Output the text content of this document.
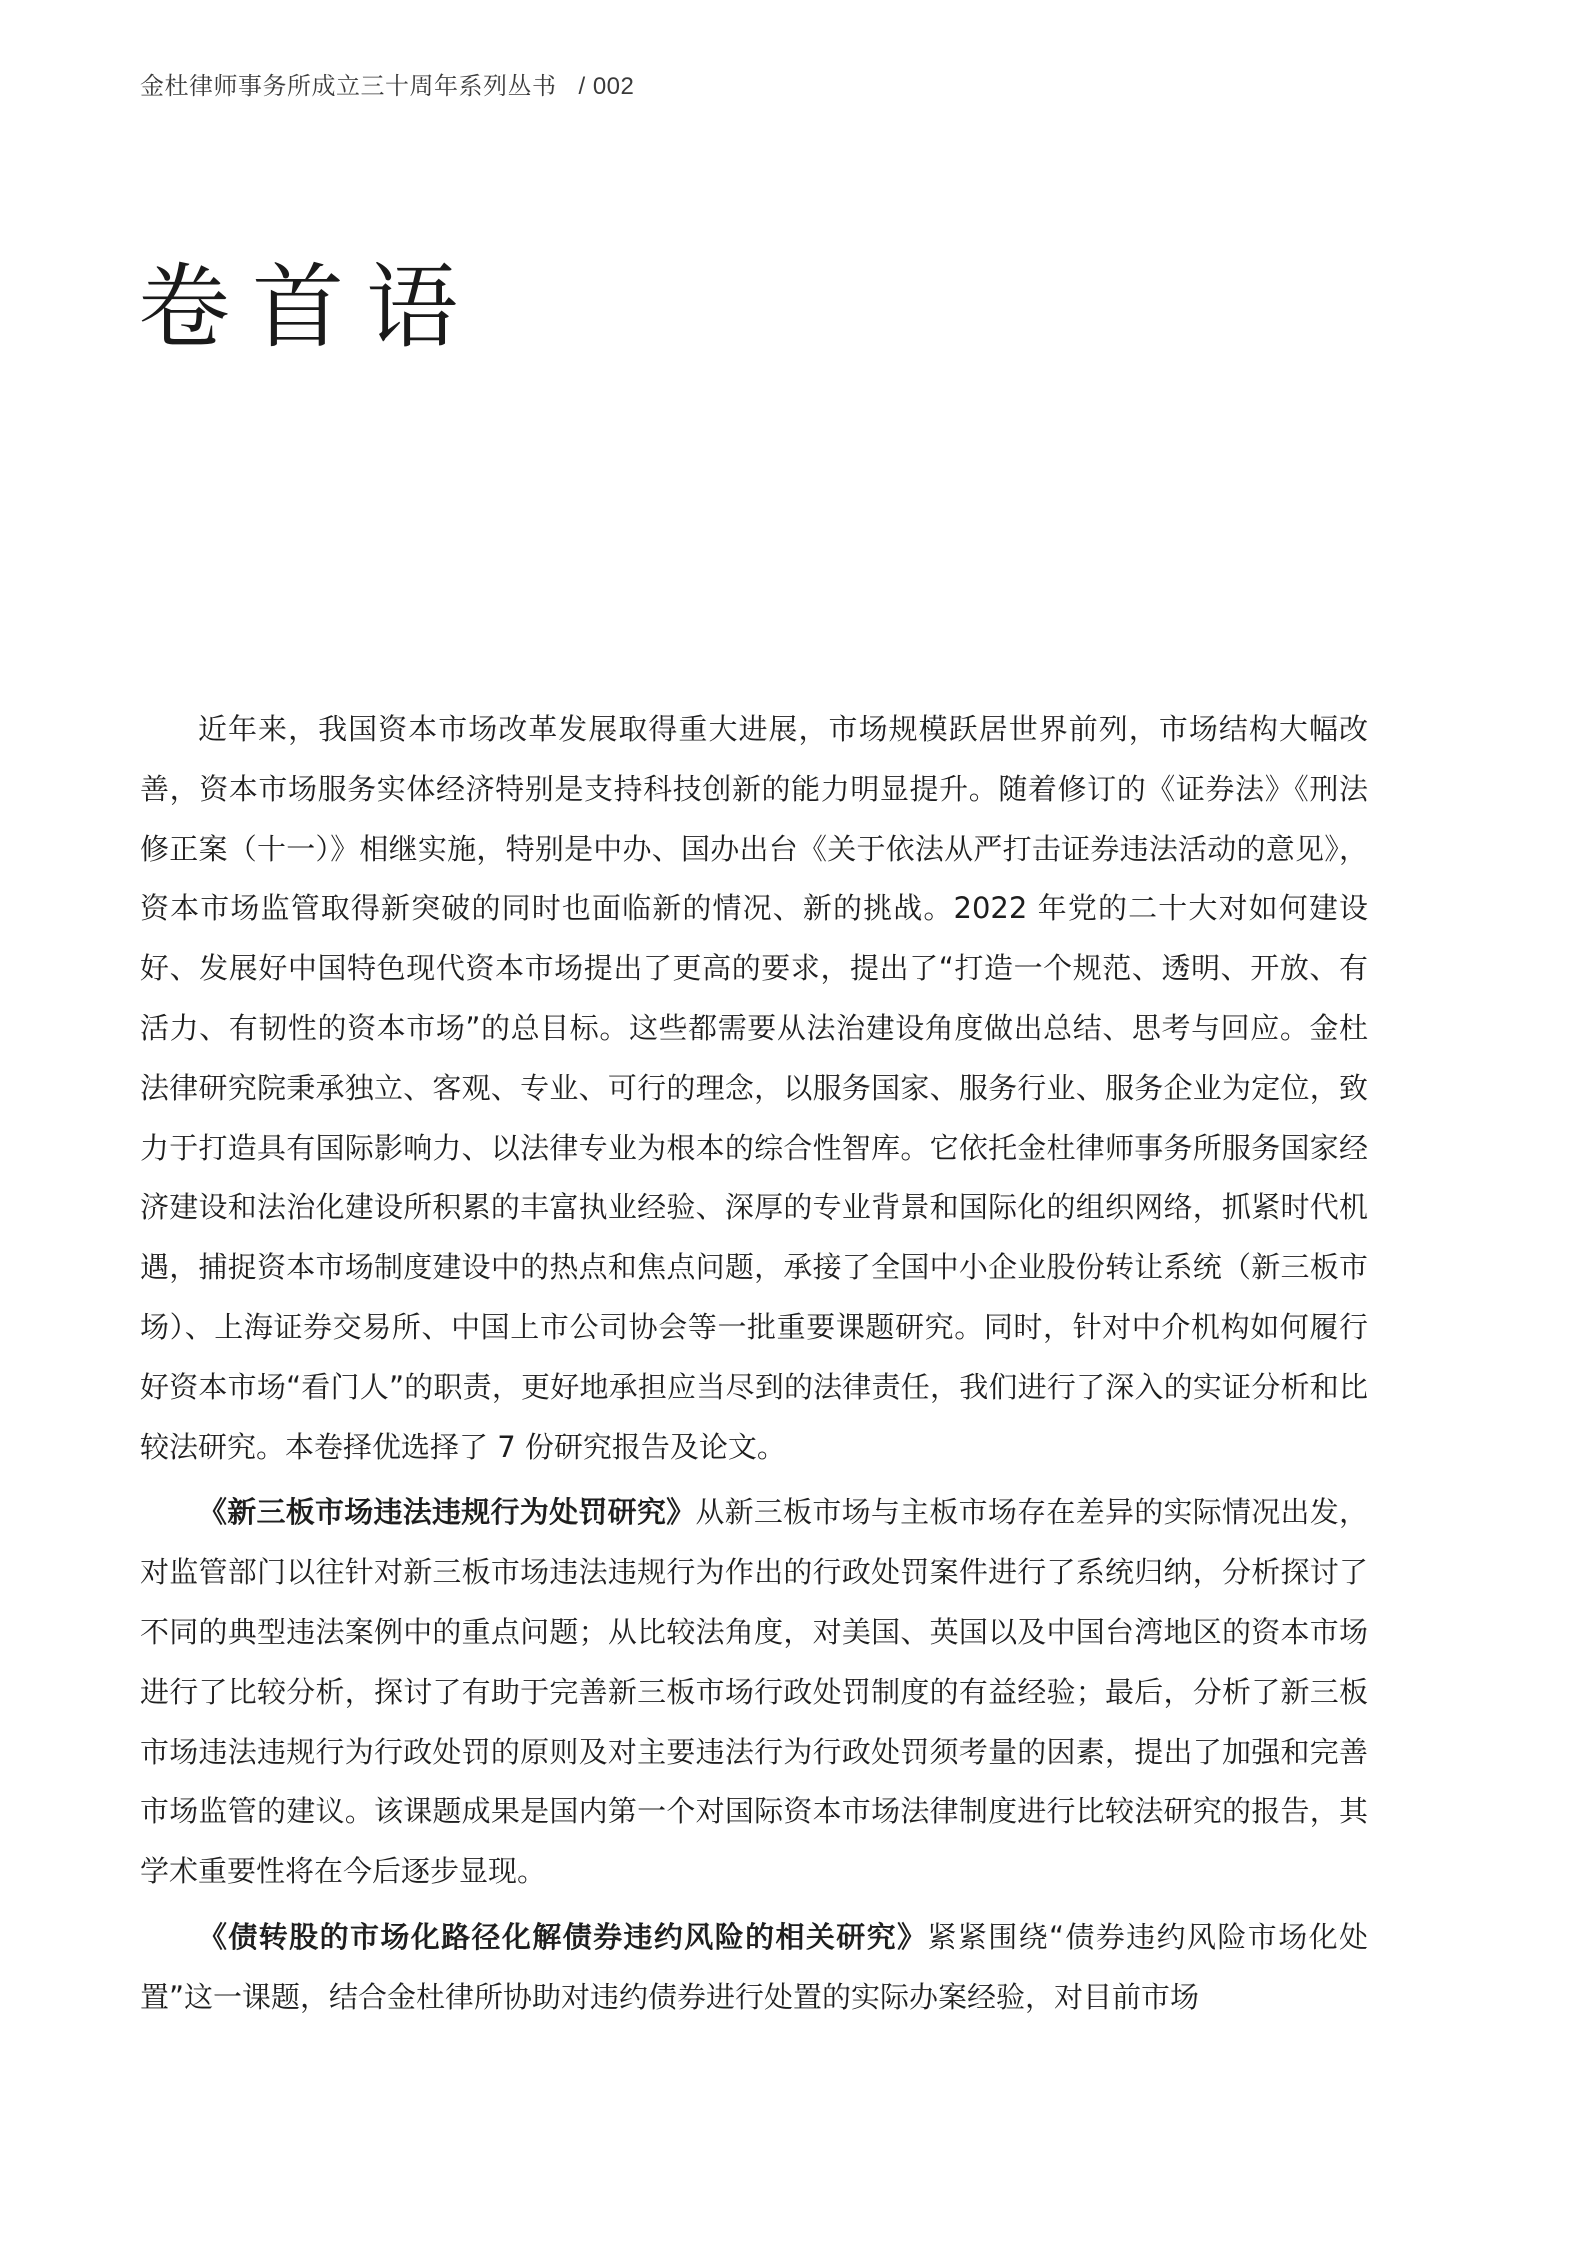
金杜律师事务所成立三十周年系列丛书 / 002
卷首语

近年来，我国资本市场改革发展取得重大进展，市场规模跃居世界前列，市场结构大幅改善，资本市场服务实体经济特别是支持科技创新的能力明显提升。随着修订的《证券法》《刑法修正案（十一）》相继实施，特别是中办、国办出台《关于依法从严打击证券违法活动的意见》，资本市场监管取得新突破的同时也面临新的情况、新的挑战。2022 年党的二十大对如何建设好、发展好中国特色现代资本市场提出了更高的要求，提出了“打造一个规范、透明、开放、有活力、有韧性的资本市场”的总目标。这些都需要从法治建设角度做出总结、思考与回应。金杜法律研究院秉承独立、客观、专业、可行的理念，以服务国家、服务行业、服务企业为定位，致力于打造具有国际影响力、以法律专业为根本的综合性智库。它依托金杜律师事务所服务国家经济建设和法治化建设所积累的丰富执业经验、深厚的专业背景和国际化的组织网络，抓紧时代机遇，捕捉资本市场制度建设中的热点和焦点问题，承接了全国中小企业股份转让系统（新三板市场）、上海证券交易所、中国上市公司协会等一批重要课题研究。同时，针对中介机构如何履行好资本市场“看门人”的职责，更好地承担应当尽到的法律责任，我们进行了深入的实证分析和比较法研究。本卷择优选择了 7 份研究报告及论文。

《新三板市场违法违规行为处罚研究》从新三板市场与主板市场存在差异的实际情况出发，对监管部门以往针对新三板市场违法违规行为作出的行政处罚案件进行了系统归纳，分析探讨了不同的典型违法案例中的重点问题；从比较法角度，对美国、英国以及中国台湾地区的资本市场进行了比较分析，探讨了有助于完善新三板市场行政处罚制度的有益经验；最后，分析了新三板市场违法违规行为行政处罚的原则及对主要违法行为行政处罚须考量的因素，提出了加强和完善市场监管的建议。该课题成果是国内第一个对国际资本市场法律制度进行比较法研究的报告，其学术重要性将在今后逐步显现。

《债转股的市场化路径化解债券违约风险的相关研究》紧紧围绕“债券违约风险市场化处置”这一课题，结合金杜律所协助对违约债券进行处置的实际办案经验，对目前市场
